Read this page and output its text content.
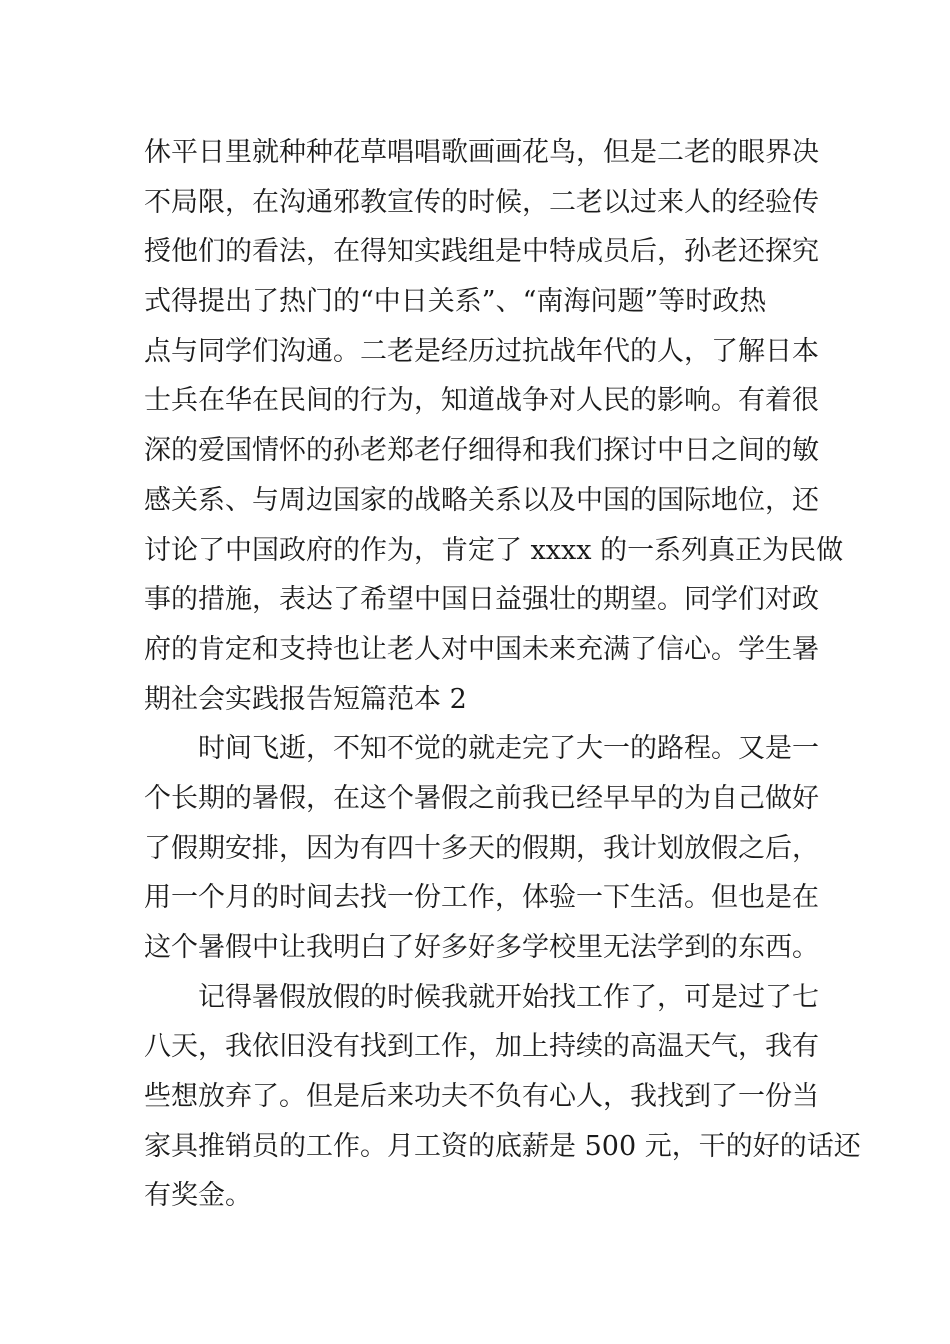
休平日里就种种花草唱唱歌画画花鸟，但是二老的眼界决
不局限，在沟通邪教宣传的时候，二老以过来人的经验传
授他们的看法，在得知实践组是中特成员后，孙老还探究
式得提出了热门的“中日关系”、“南海问题”等时政热
点与同学们沟通。二老是经历过抗战年代的人，了解日本
士兵在华在民间的行为，知道战争对人民的影响。有着很
深的爱国情怀的孙老郑老仔细得和我们探讨中日之间的敏
感关系、与周边国家的战略关系以及中国的国际地位，还
讨论了中国政府的作为，肯定了 xxxx 的一系列真正为民做
事的措施，表达了希望中国日益强壮的期望。同学们对政
府的肯定和支持也让老人对中国未来充满了信心。学生暑
期社会实践报告短篇范本 2
时间飞逝，不知不觉的就走完了大一的路程。又是一
个长期的暑假，在这个暑假之前我已经早早的为自己做好
了假期安排，因为有四十多天的假期，我计划放假之后，
用一个月的时间去找一份工作，体验一下生活。但也是在
这个暑假中让我明白了好多好多学校里无法学到的东西。
记得暑假放假的时候我就开始找工作了，可是过了七
八天，我依旧没有找到工作，加上持续的高温天气，我有
些想放弃了。但是后来功夫不负有心人，我找到了一份当
家具推销员的工作。月工资的底薪是 500 元，干的好的话还
有奖金。
